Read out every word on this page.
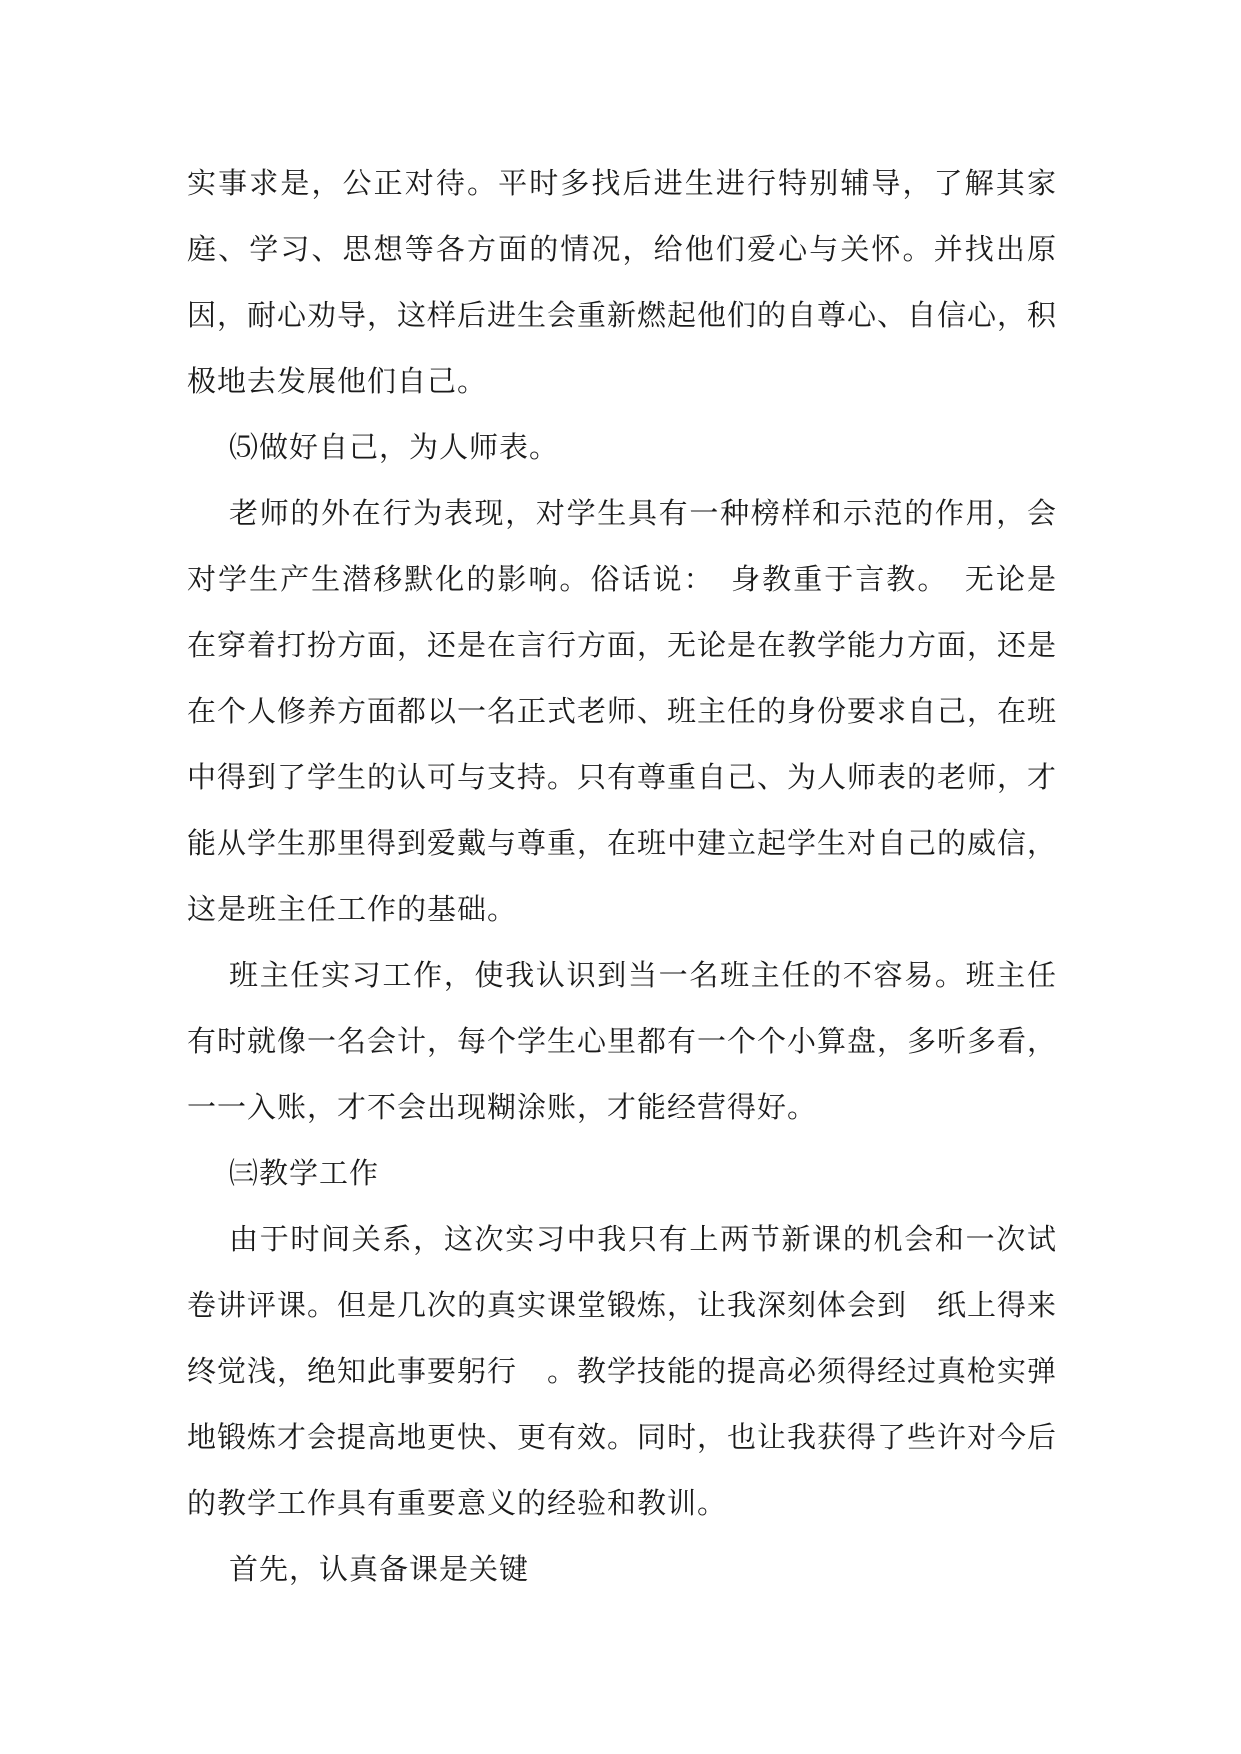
实事求是，公正对待。平时多找后进生进行特别辅导，了解其家庭、学习、思想等各方面的情况，给他们爱心与关怀。并找出原因，耐心劝导，这样后进生会重新燃起他们的自尊心、自信心，积极地去发展他们自己。

⑸做好自己，为人师表。

老师的外在行为表现，对学生具有一种榜样和示范的作用，会对学生产生潜移默化的影响。俗话说：　身教重于言教。　无论是在穿着打扮方面，还是在言行方面，无论是在教学能力方面，还是在个人修养方面都以一名正式老师、班主任的身份要求自己，在班中得到了学生的认可与支持。只有尊重自己、为人师表的老师，才能从学生那里得到爱戴与尊重，在班中建立起学生对自己的威信，这是班主任工作的基础。

班主任实习工作，使我认识到当一名班主任的不容易。班主任有时就像一名会计，每个学生心里都有一个个小算盘，多听多看，一一入账，才不会出现糊涂账，才能经营得好。

㈢教学工作

由于时间关系，这次实习中我只有上两节新课的机会和一次试卷讲评课。但是几次的真实课堂锻炼，让我深刻体会到　纸上得来终觉浅，绝知此事要躬行　。教学技能的提高必须得经过真枪实弹地锻炼才会提高地更快、更有效。同时，也让我获得了些许对今后的教学工作具有重要意义的经验和教训。

首先，认真备课是关键
